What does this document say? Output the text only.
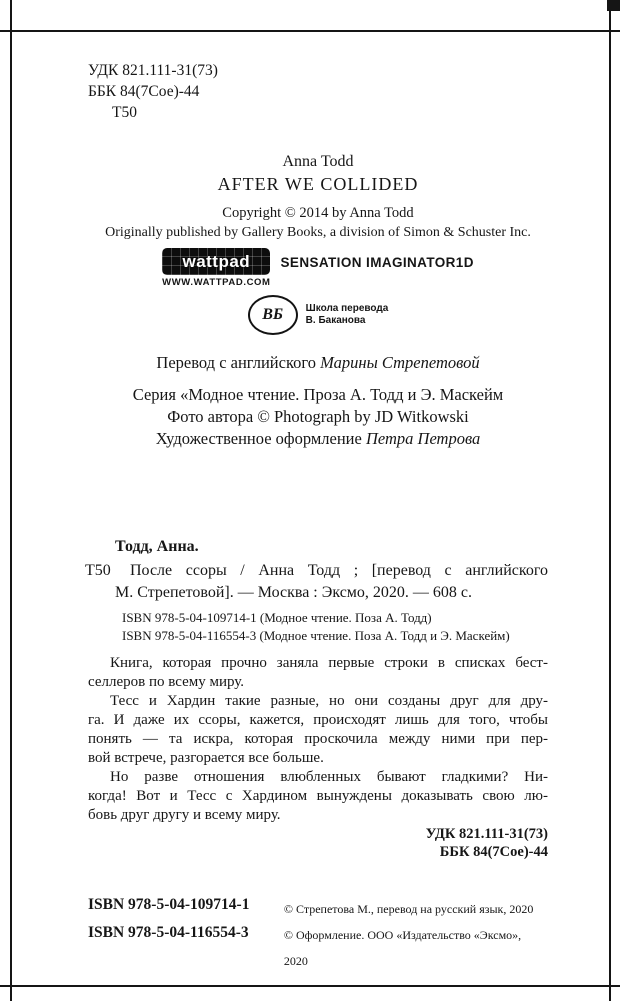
УДК 821.111-31(73)
ББК 84(7Сое)-44
Т50
Anna Todd
AFTER WE COLLIDED
Copyright © 2014 by Anna Todd
Originally published by Gallery Books, a division of Simon & Schuster Inc.
wattpad
WWW.WATTPAD.COM
SENSATION IMAGINATOR1D
ВБ Школа перевода
В. Баканова
Перевод с английского Марины Стрепетовой
Серия «Модное чтение. Проза А. Тодд и Э. Маскейм
Фото автора © Photograph by JD Witkowski
Художественное оформление Петра Петрова
Тодд, Анна.
Т50	После ссоры / Анна Тодд ; [перевод с английского
М. Стрепетовой]. — Москва : Эксмо, 2020. — 608 с.
ISBN 978-5-04-109714-1 (Модное чтение. Поза А. Тодд)
ISBN 978-5-04-116554-3 (Модное чтение. Поза А. Тодд и Э. Маскейм)
Книга, которая прочно заняла первые строки в списках бест-
селлеров по всему миру.
Тесс и Хардин такие разные, но они созданы друг для дру-
га. И даже их ссоры, кажется, происходят лишь для того, чтобы
понять — та искра, которая проскочила между ними при пер-
вой встрече, разгорается все больше.
Но разве отношения влюбленных бывают гладкими? Ни-
когда! Вот и Тесс с Хардином вынуждены доказывать свою лю-
бовь друг другу и всему миру.
УДК 821.111-31(73)
ББК 84(7Сое)-44
ISBN 978-5-04-109714-1
ISBN 978-5-04-116554-3
© Стрепетова М., перевод на русский язык, 2020
© Оформление. ООО «Издательство «Эксмо», 2020
